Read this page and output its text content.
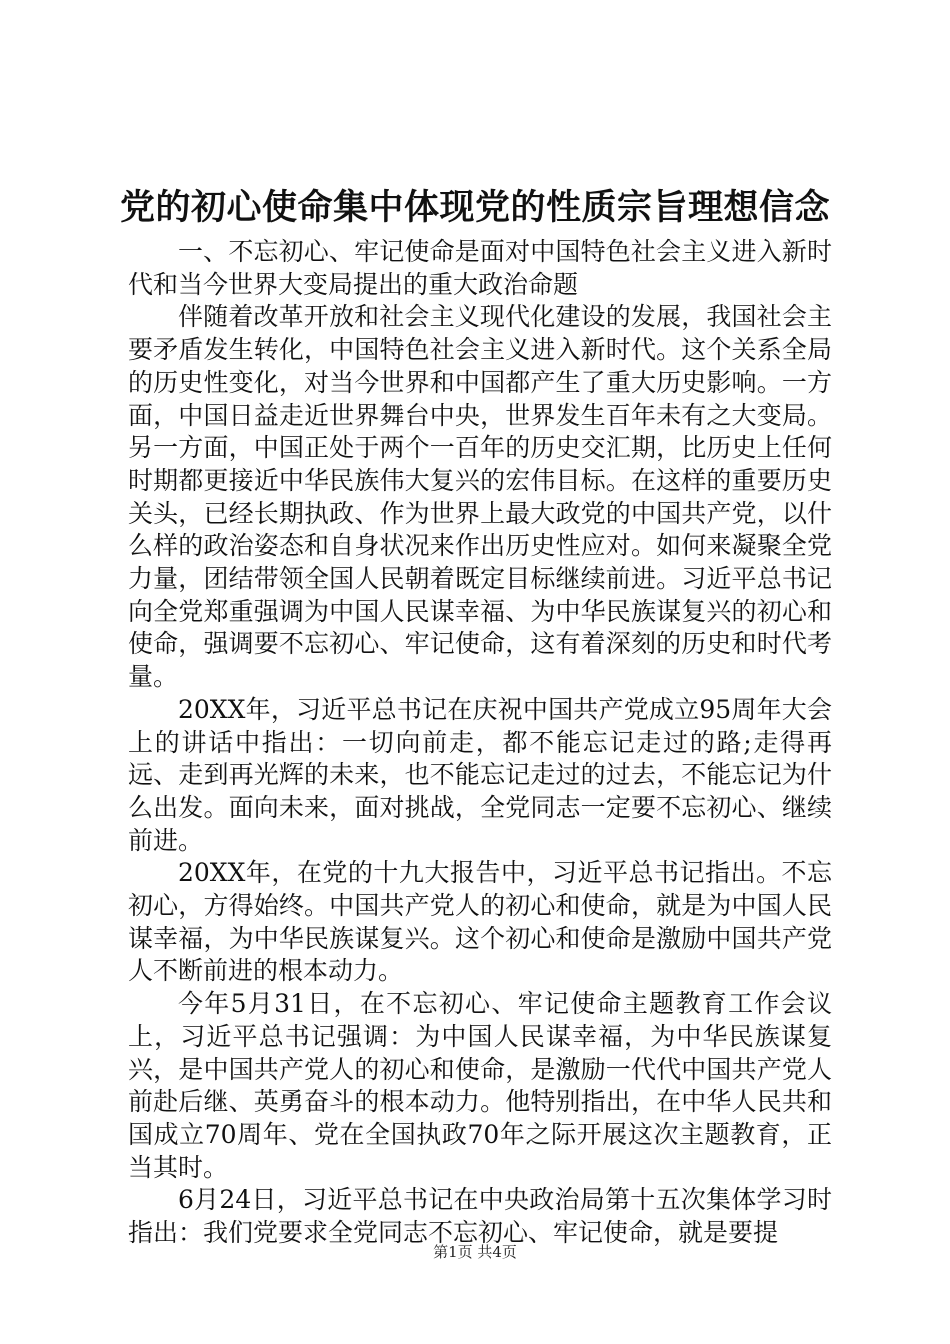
党的初心使命集中体现党的性质宗旨理想信念

一、不忘初心、牢记使命是面对中国特色社会主义进入新时代和当今世界大变局提出的重大政治命题

伴随着改革开放和社会主义现代化建设的发展，我国社会主要矛盾发生转化，中国特色社会主义进入新时代。这个关系全局的历史性变化，对当今世界和中国都产生了重大历史影响。一方面，中国日益走近世界舞台中央，世界发生百年未有之大变局。另一方面，中国正处于两个一百年的历史交汇期，比历史上任何时期都更接近中华民族伟大复兴的宏伟目标。在这样的重要历史关头，已经长期执政、作为世界上最大政党的中国共产党，以什么样的政治姿态和自身状况来作出历史性应对。如何来凝聚全党力量，团结带领全国人民朝着既定目标继续前进。习近平总书记向全党郑重强调为中国人民谋幸福、为中华民族谋复兴的初心和使命，强调要不忘初心、牢记使命，这有着深刻的历史和时代考量。

20XX年，习近平总书记在庆祝中国共产党成立95周年大会上的讲话中指出：一切向前走，都不能忘记走过的路;走得再远、走到再光辉的未来，也不能忘记走过的过去，不能忘记为什么出发。面向未来，面对挑战，全党同志一定要不忘初心、继续前进。

20XX年，在党的十九大报告中，习近平总书记指出。不忘初心，方得始终。中国共产党人的初心和使命，就是为中国人民谋幸福，为中华民族谋复兴。这个初心和使命是激励中国共产党人不断前进的根本动力。

今年5月31日，在不忘初心、牢记使命主题教育工作会议上，习近平总书记强调：为中国人民谋幸福，为中华民族谋复兴，是中国共产党人的初心和使命，是激励一代代中国共产党人前赴后继、英勇奋斗的根本动力。他特别指出，在中华人民共和国成立70周年、党在全国执政70年之际开展这次主题教育，正当其时。

6月24日，习近平总书记在中央政治局第十五次集体学习时指出：我们党要求全党同志不忘初心、牢记使命，就是要提

第1页 共4页
